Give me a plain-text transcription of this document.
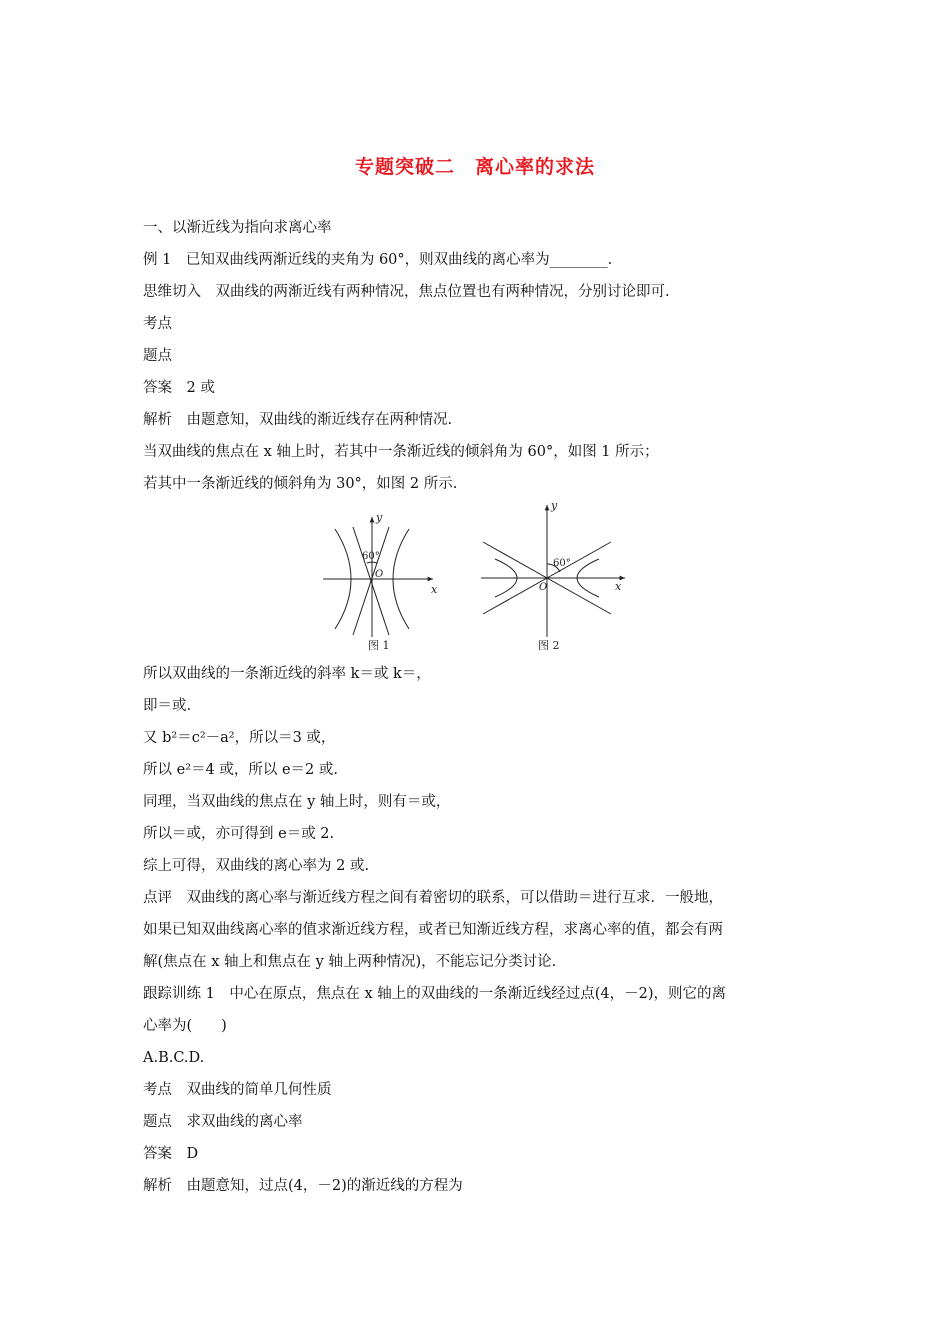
专题突破二　离心率的求法
一、以渐近线为指向求离心率
例 1　已知双曲线两渐近线的夹角为 60°，则双曲线的离心率为________.
思维切入　双曲线的两渐近线有两种情况，焦点位置也有两种情况，分别讨论即可.
考点
题点
答案　2 或
解析　由题意知，双曲线的渐近线存在两种情况.
当双曲线的焦点在 x 轴上时，若其中一条渐近线的倾斜角为 60°，如图 1 所示；
若其中一条渐近线的倾斜角为 30°，如图 2 所示.
y
60°
O
x
图 1
y
60°
O	x
图 2
所以双曲线的一条渐近线的斜率 k＝或 k＝，
即＝或.
又 b²＝c²－a²，所以＝3 或，
所以 e²＝4 或，所以 e＝2 或.
同理，当双曲线的焦点在 y 轴上时，则有＝或，
所以＝或，亦可得到 e＝或 2.
综上可得，双曲线的离心率为 2 或.
点评　双曲线的离心率与渐近线方程之间有着密切的联系，可以借助＝进行互求．一般地，
如果已知双曲线离心率的值求渐近线方程，或者已知渐近线方程，求离心率的值，都会有两
解(焦点在 x 轴上和焦点在 y 轴上两种情况)，不能忘记分类讨论.
跟踪训练 1　中心在原点，焦点在 x 轴上的双曲线的一条渐近线经过点(4，－2)，则它的离
心率为(　　)
A.B.C.D.
考点　双曲线的简单几何性质
题点　求双曲线的离心率
答案　D
解析　由题意知，过点(4，－2)的渐近线的方程为
